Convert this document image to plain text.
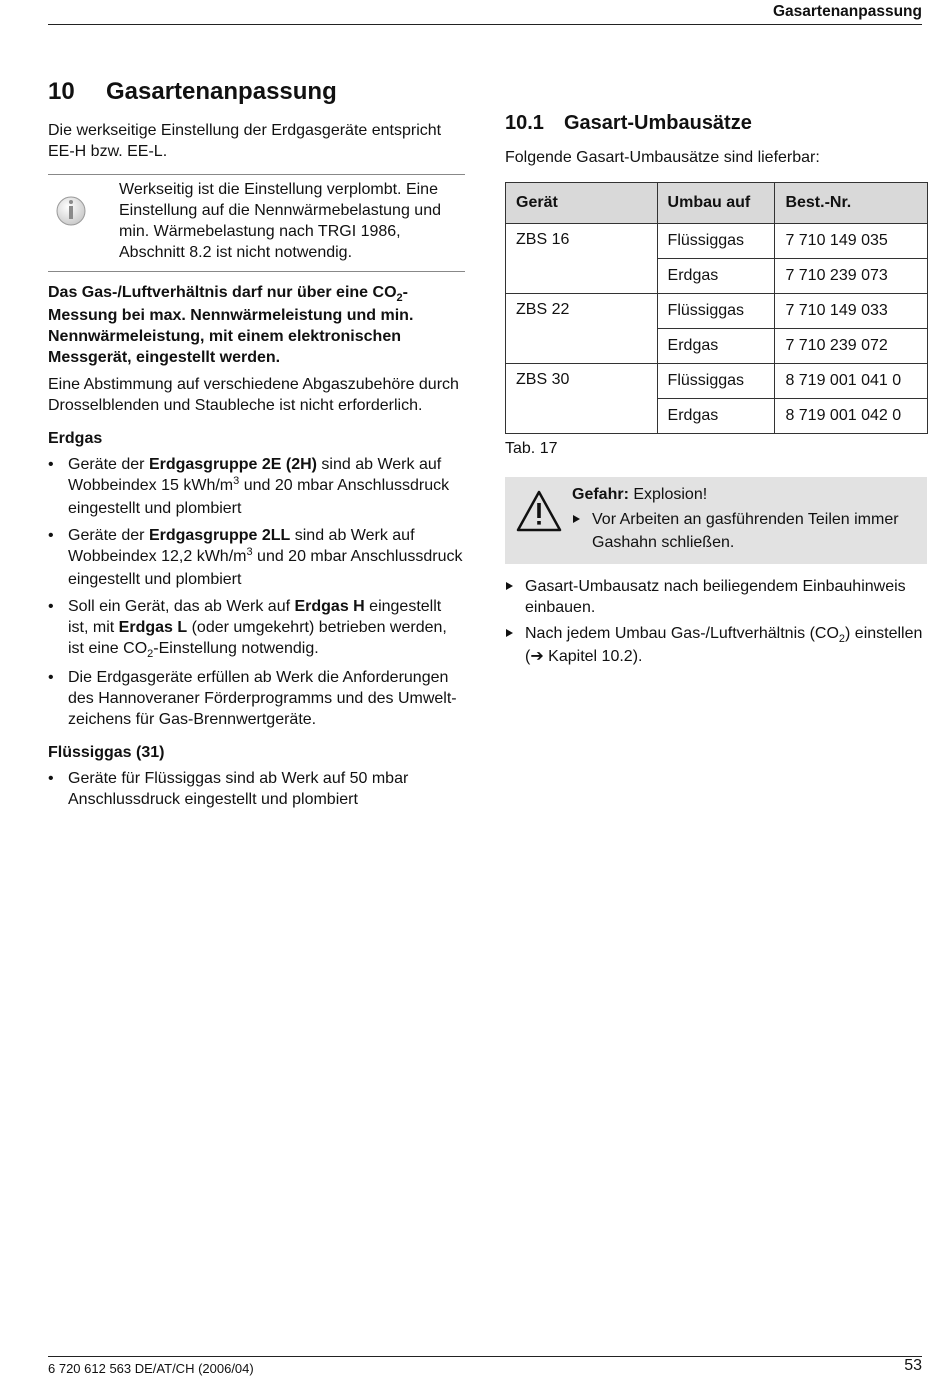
Gasartenanpassung
10	Gasartenanpassung

Die werkseitige Einstellung der Erdgasgeräte entspricht EE-H bzw. EE-L.

Werkseitig ist die Einstellung verplombt. Eine Einstellung auf die Nennwärmebelastung und min. Wärmebelastung nach TRGI 1986, Abschnitt 8.2 ist nicht notwendig.

Das Gas-/Luftverhältnis darf nur über eine $CO_2$-Messung bei max. Nennwärmeleistung und min. Nennwärmeleistung, mit einem elektronischen Messgerät, eingestellt werden.

Eine Abstimmung auf verschiedene Abgaszubehöre durch Drosselblenden und Staubleche ist nicht erforderlich.

Erdgas
• Geräte der Erdgasgruppe 2E (2H) sind ab Werk auf Wobbeindex 15 kWh/$m^3$ und 20 mbar Anschlussdruck eingestellt und plombiert
• Geräte der Erdgasgruppe 2LL sind ab Werk auf Wobbeindex 12,2 kWh/$m^3$ und 20 mbar Anschlussdruck eingestellt und plombiert
• Soll ein Gerät, das ab Werk auf Erdgas H eingestellt ist, mit Erdgas L (oder umgekehrt) betrieben werden, ist eine $CO_2$-Einstellung notwendig.
• Die Erdgasgeräte erfüllen ab Werk die Anforderungen des Hannoveraner Förderprogramms und des Umweltzeichens für Gas-Brennwertgeräte.
Flüssiggas (31)
• Geräte für Flüssiggas sind ab Werk auf 50 mbar Anschlussdruck eingestellt und plombiert
10.1	Gasart-Umbausätze

Folgende Gasart-Umbausätze sind lieferbar:

Gerät	Umbau auf	Best.-Nr.
ZBS 16	Flüssiggas	7 710 149 035
	Erdgas	7 710 239 073
ZBS 22	Flüssiggas	7 710 149 033
	Erdgas	7 710 239 072
ZBS 30	Flüssiggas	8 719 001 041 0
	Erdgas	8 719 001 042 0

Tab. 17

Gefahr: Explosion!
Vor Arbeiten an gasführenden Teilen immer Gashahn schließen.
Gasart-Umbausatz nach beiliegendem Einbauhinweis einbauen.
Nach jedem Umbau Gas-/Luftverhältnis $(CO_2)$ einstellen (➔ Kapitel 10.2).
6 720 612 563 DE/AT/CH (2006/04)	53
